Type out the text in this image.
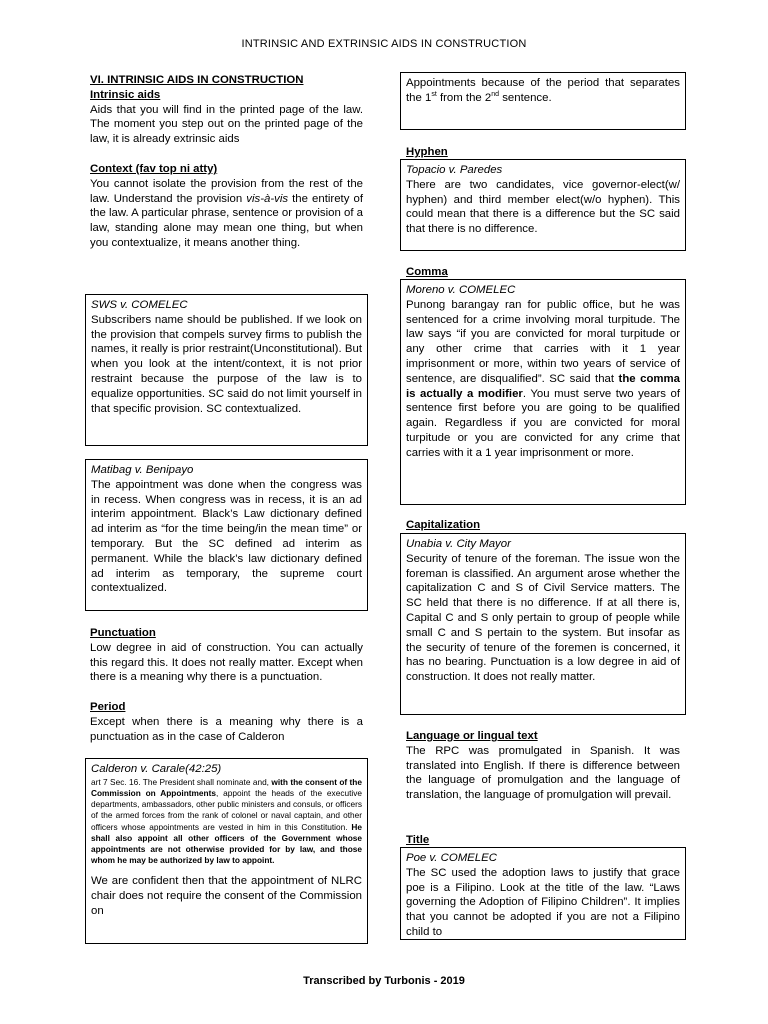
INTRINSIC AND EXTRINSIC AIDS IN CONSTRUCTION

VI. INTRINSIC AIDS IN CONSTRUCTION

Intrinsic aids

Aids that you will find in the printed page of the law. The moment you step out on the printed page of the law, it is already extrinsic aids

Context (fav top ni atty)

You cannot isolate the provision from the rest of the law. Understand the provision vis-à-vis the entirety of the law. A particular phrase, sentence or provision of a law, standing alone may mean one thing, but when you contextualize, it means another thing.

SWS v. COMELEC

Subscribers name should be published. If we look on the provision that compels survey firms to publish the names, it really is prior restraint(Unconstitutional). But when you look at the intent/context, it is not prior restraint because the purpose of the law is to equalize opportunities. SC said do not limit yourself in that specific provision. SC contextualized.

Matibag v. Benipayo

The appointment was done when the congress was in recess. When congress was in recess, it is an ad interim appointment. Black’s Law dictionary defined ad interim as “for the time being/in the mean time” or temporary. But the SC defined ad interim as permanent. While the black’s law dictionary defined ad interim as temporary, the supreme court contextualized.

Punctuation

Low degree in aid of construction. You can actually this regard this. It does not really matter. Except when there is a meaning why there is a punctuation.

Period

Except when there is a meaning why there is a punctuation as in the case of Calderon

Calderon v. Carale(42:25)

art 7 Sec. 16. The President shall nominate and, with the consent of the Commission on Appointments, appoint the heads of the executive departments, ambassadors, other public ministers and consuls, or officers of the armed forces from the rank of colonel or naval captain, and other officers whose appointments are vested in him in this Constitution. He shall also appoint all other officers of the Government whose appointments are not otherwise provided for by law, and those whom he may be authorized by law to appoint.

We are confident then that the appointment of NLRC chair does not require the consent of the Commission on

Appointments because of the period that separates the 1st from the 2nd sentence.

Hyphen

Topacio v. Paredes

There are two candidates, vice governor-elect(w/ hyphen) and third member elect(w/o hyphen). This could mean that there is a difference but the SC said that there is no difference.

Comma

Moreno v. COMELEC

Punong barangay ran for public office, but he was sentenced for a crime involving moral turpitude. The law says “if you are convicted for moral turpitude or any other crime that carries with it 1 year imprisonment or more, within two years of service of sentence, are disqualified”. SC said that the comma is actually a modifier. You must serve two years of sentence first before you are going to be qualified again. Regardless if you are convicted for moral turpitude or you are convicted for any crime that carries with it a 1 year imprisonment or more.

Capitalization

Unabia v. City Mayor

Security of tenure of the foreman. The issue won the foreman is classified. An argument arose whether the capitalization C and S of Civil Service matters. The SC held that there is no difference. If at all there is, Capital C and S only pertain to group of people while small C and S pertain to the system. But insofar as the security of tenure of the foremen is concerned, it has no bearing. Punctuation is a low degree in aid of construction. It does not really matter.

Language or lingual text

The RPC was promulgated in Spanish. It was translated into English. If there is difference between the language of promulgation and the language of translation, the language of promulgation will prevail.

Title

Poe v. COMELEC

The SC used the adoption laws to justify that grace poe is a Filipino. Look at the title of the law. “Laws governing the Adoption of Filipino Children”. It implies that you cannot be adopted if you are not a Filipino child to

Transcribed by Turbonis - 2019
